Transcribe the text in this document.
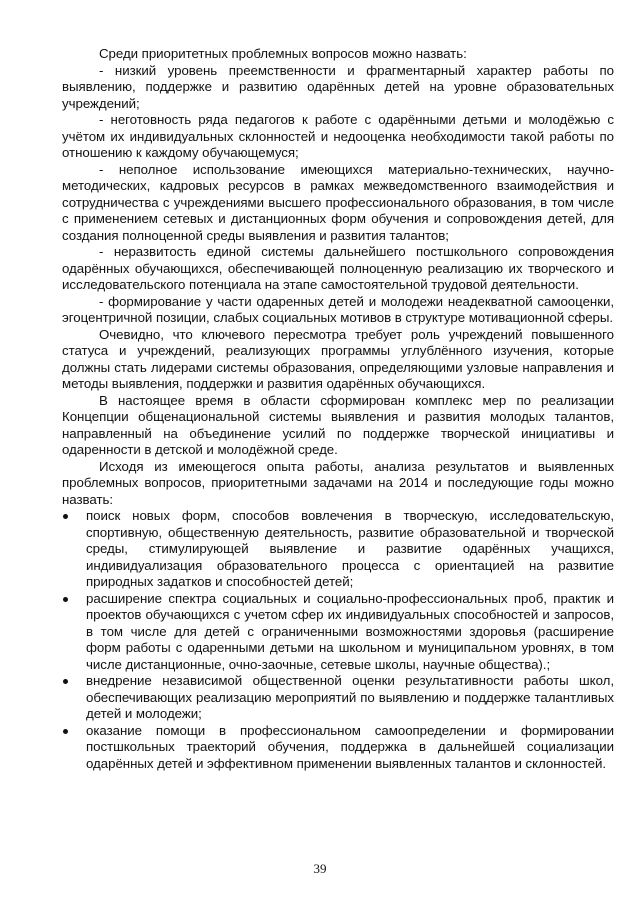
Среди приоритетных проблемных вопросов можно назвать:

- низкий уровень преемственности и фрагментарный характер работы по выявлению, поддержке и развитию одарённых детей на уровне образовательных учреждений;

- неготовность ряда педагогов к работе с одарёнными детьми и молодёжью с учётом их индивидуальных склонностей и недооценка необходимости такой работы по отношению к каждому обучающемуся;

- неполное использование имеющихся материально-технических, научно-методических, кадровых ресурсов в рамках межведомственного взаимодействия и сотрудничества с учреждениями высшего профессионального образования, в том числе с применением сетевых и дистанционных форм обучения и сопровождения детей, для создания полноценной среды выявления и развития талантов;

- неразвитость единой системы дальнейшего постшкольного сопровождения одарённых обучающихся, обеспечивающей полноценную реализацию их творческого и исследовательского потенциала на этапе самостоятельной трудовой деятельности.

- формирование у части одаренных детей и молодежи неадекватной самооценки, эгоцентричной позиции, слабых социальных мотивов в структуре мотивационной сферы.

Очевидно, что ключевого пересмотра требует роль учреждений повышенного статуса и учреждений, реализующих программы углублённого изучения, которые должны стать лидерами системы образования, определяющими узловые направления и методы выявления, поддержки и развития одарённых обучающихся.

В настоящее время в области сформирован комплекс мер по реализации Концепции общенациональной системы выявления и развития молодых талантов, направленный на объединение усилий по поддержке творческой инициативы и одаренности в детской и молодёжной среде.

Исходя из имеющегося опыта работы, анализа результатов и выявленных проблемных вопросов, приоритетными задачами на 2014 и последующие годы можно назвать:

поиск новых форм, способов вовлечения в творческую, исследовательскую, спортивную, общественную деятельность, развитие образовательной и творческой среды, стимулирующей выявление и развитие одарённых учащихся, индивидуализация образовательного процесса с ориентацией на развитие природных задатков и способностей детей;
расширение спектра социальных и социально-профессиональных проб, практик и проектов обучающихся с учетом сфер их индивидуальных способностей и запросов, в том числе для детей с ограниченными возможностями здоровья (расширение форм работы с одаренными детьми на школьном и муниципальном уровнях, в том числе дистанционные, очно-заочные, сетевые школы, научные общества).;
внедрение независимой общественной оценки результативности работы школ, обеспечивающих реализацию мероприятий по выявлению и поддержке талантливых детей и молодежи;
оказание помощи в профессиональном самоопределении и формировании постшкольных траекторий обучения, поддержка в дальнейшей социализации одарённых детей и эффективном применении выявленных талантов и склонностей.
39
